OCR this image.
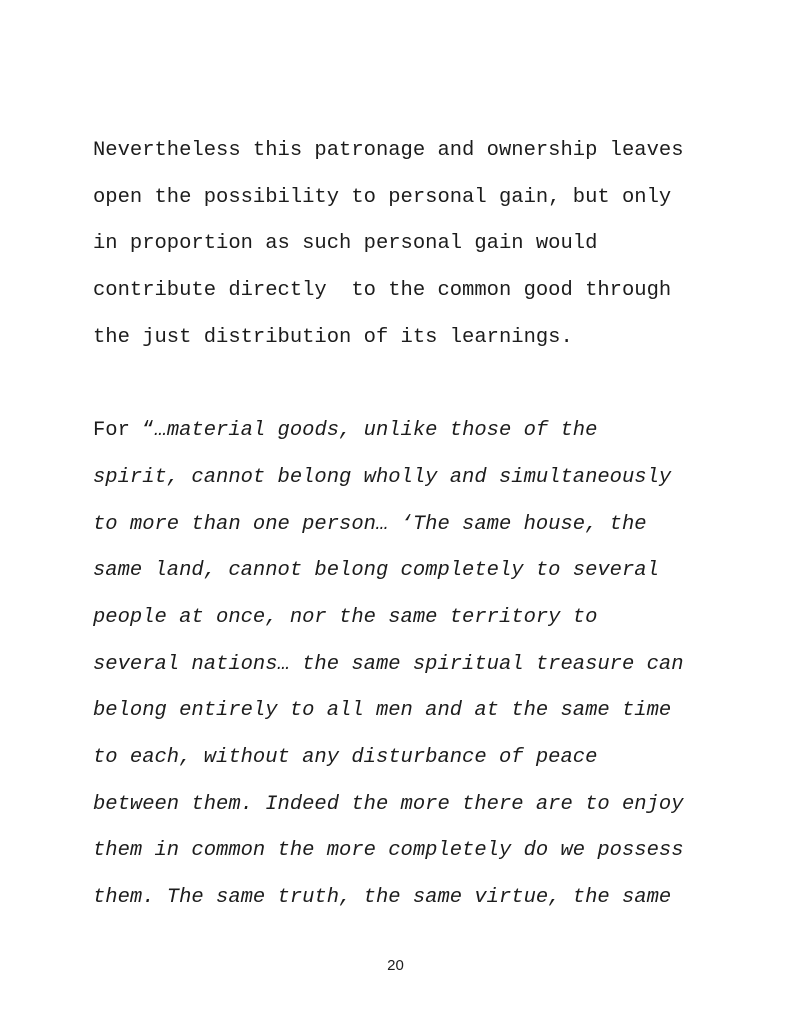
Nevertheless this patronage and ownership leaves
open the possibility to personal gain, but only
in proportion as such personal gain would
contribute directly  to the common good through
the just distribution of its learnings.
For “…material goods, unlike those of the
spirit, cannot belong wholly and simultaneously
to more than one person… ‘The same house, the
same land, cannot belong completely to several
people at once, nor the same territory to
several nations… the same spiritual treasure can
belong entirely to all men and at the same time
to each, without any disturbance of peace
between them. Indeed the more there are to enjoy
them in common the more completely do we possess
them. The same truth, the same virtue, the same
20
